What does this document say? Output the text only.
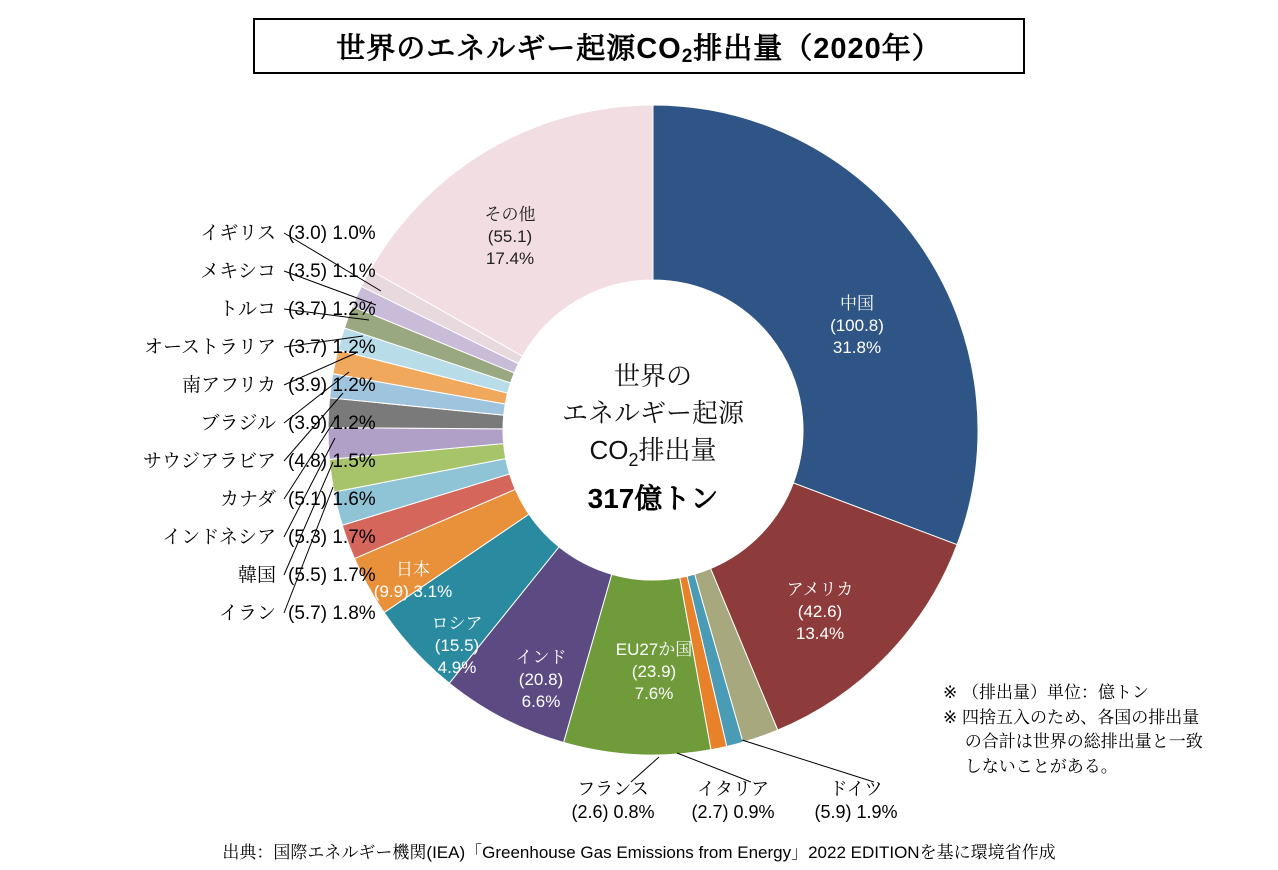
世界のエネルギー起源$CO_2$排出量（2020年）
世界の
エネルギー起源
$CO_2$排出量
317億トン
中国
(100.8)
31.8%
アメリカ
(42.6)
13.4%
EU27か国
(23.9)
7.6%
インド
(20.8)
6.6%
ロシア
(15.5)
4.9%
日本
(9.9) 3.1%
その他
(55.1)
17.4%
イギリス (3.0) 1.0%
メキシコ (3.5) 1.1%
トルコ (3.7) 1.2%
オーストラリア (3.7) 1.2%
南アフリカ (3.9) 1.2%
ブラジル (3.9) 1.2%
サウジアラビア (4.8) 1.5%
カナダ (5.1) 1.6%
インドネシア (5.3) 1.7%
韓国 (5.5) 1.7%
イラン (5.7) 1.8%
フランス
(2.6) 0.8%
イタリア
(2.7) 0.9%
ドイツ
(5.9) 1.9%
※ （排出量）単位：億トン
※ 四捨五入のため、各国の排出量
　 の合計は世界の総排出量と一致
　 しないことがある。
出典：国際エネルギー機関(IEA)「Greenhouse Gas Emissions from Energy」2022 EDITIONを基に環境省作成
